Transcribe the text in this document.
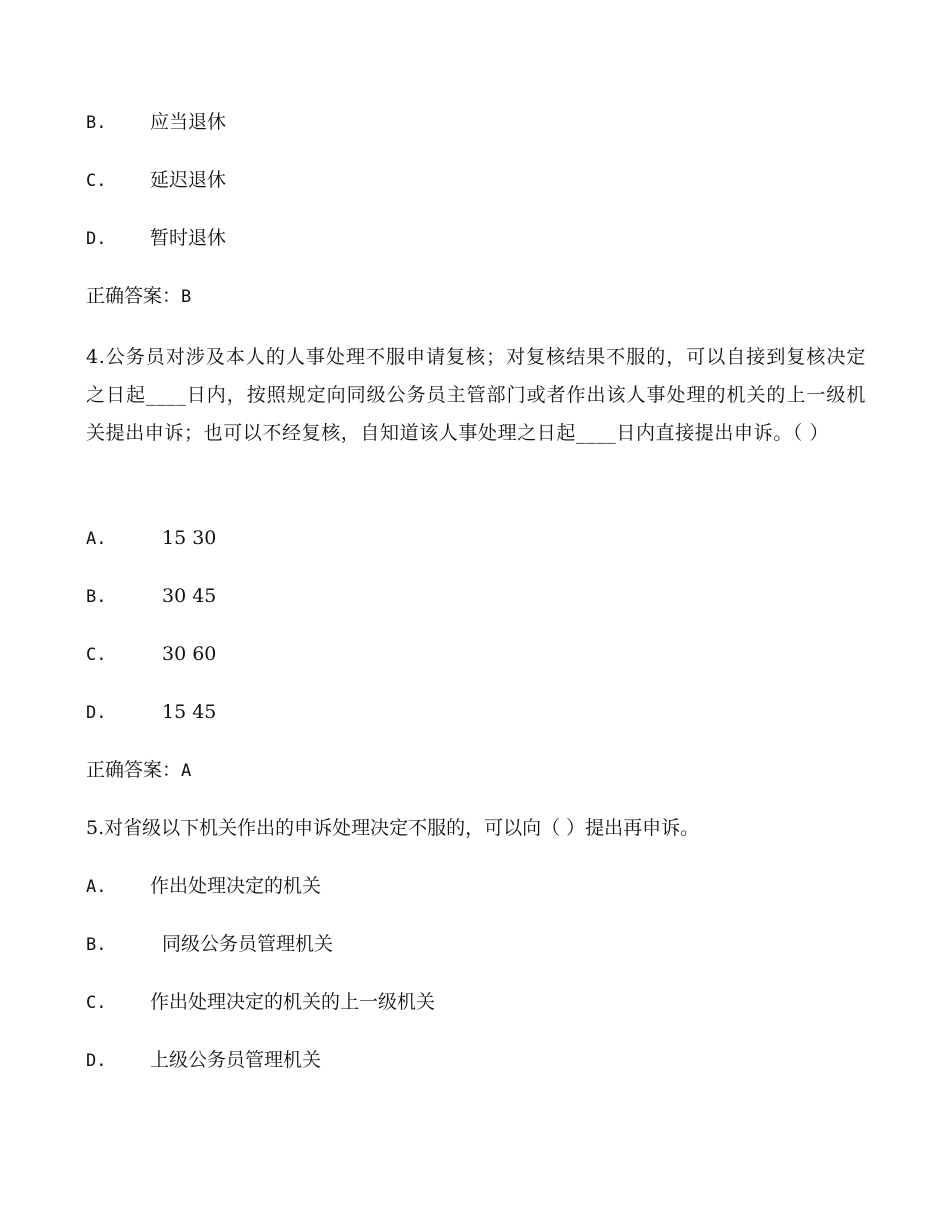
B. 应当退休
C. 延迟退休
D. 暂时退休
正确答案：B
4.公务员对涉及本人的人事处理不服申请复核；对复核结果不服的，可以自接到复核决定之日起____日内，按照规定向同级公务员主管部门或者作出该人事处理的机关的上一级机关提出申诉；也可以不经复核，自知道该人事处理之日起____日内直接提出申诉。（ ）
A.	15 30
B.	30 45
C.	30 60
D.	15 45
正确答案：A
5.对省级以下机关作出的申诉处理决定不服的，可以向（ ）提出再申诉。
A. 作出处理决定的机关
B.	同级公务员管理机关
C. 作出处理决定的机关的上一级机关
D. 上级公务员管理机关
